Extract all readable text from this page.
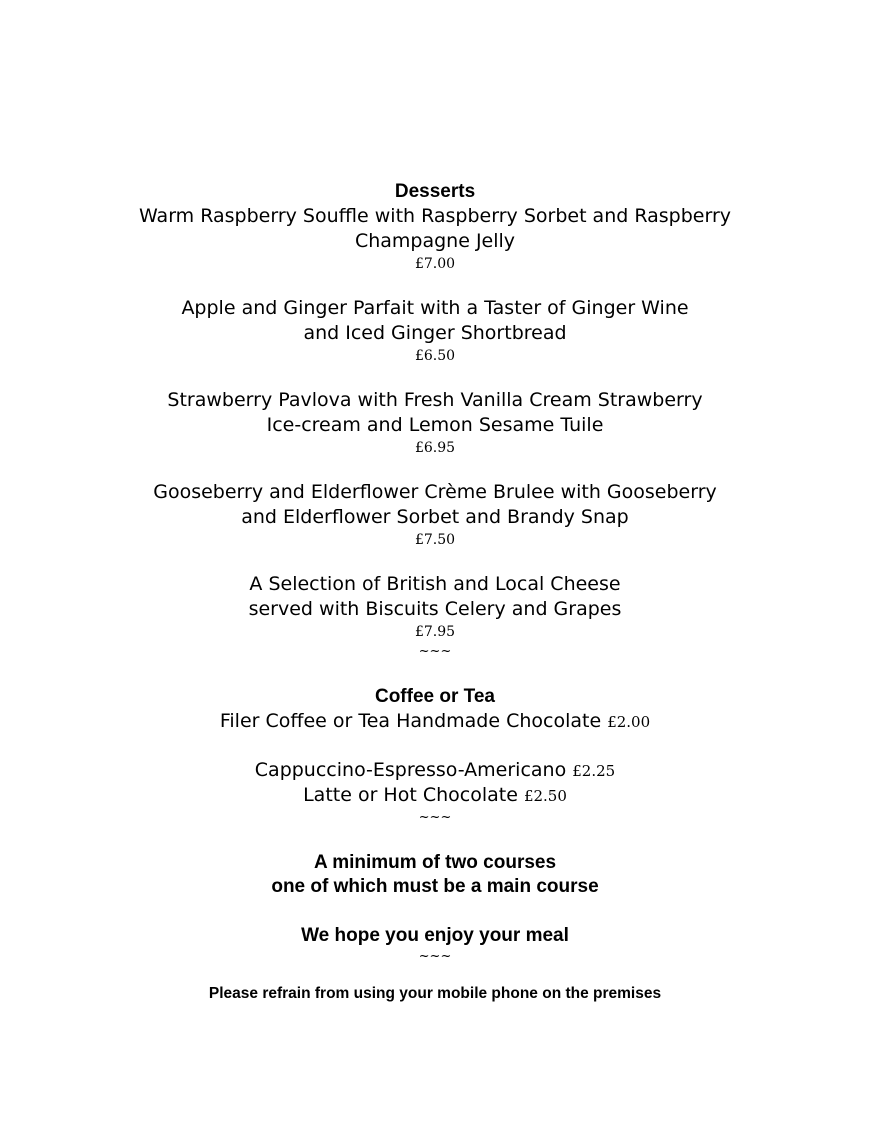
Desserts
Warm Raspberry Souffle with Raspberry Sorbet and Raspberry
Champagne Jelly
£7.00
Apple and Ginger Parfait with a Taster of Ginger Wine
and Iced Ginger Shortbread
£6.50
Strawberry Pavlova with Fresh Vanilla Cream Strawberry
Ice-cream and Lemon Sesame Tuile
£6.95
Gooseberry and Elderflower Crème Brulee with Gooseberry
and Elderflower Sorbet and Brandy Snap
£7.50
A Selection of British and Local Cheese
served with Biscuits Celery and Grapes
£7.95
~~~
Coffee or Tea
Filer Coffee or Tea Handmade Chocolate £2.00
Cappuccino-Espresso-Americano £2.25
Latte or Hot Chocolate £2.50
~~~
A minimum of two courses
one of which must be a main course
We hope you enjoy your meal
~~~
Please refrain from using your mobile phone on the premises
